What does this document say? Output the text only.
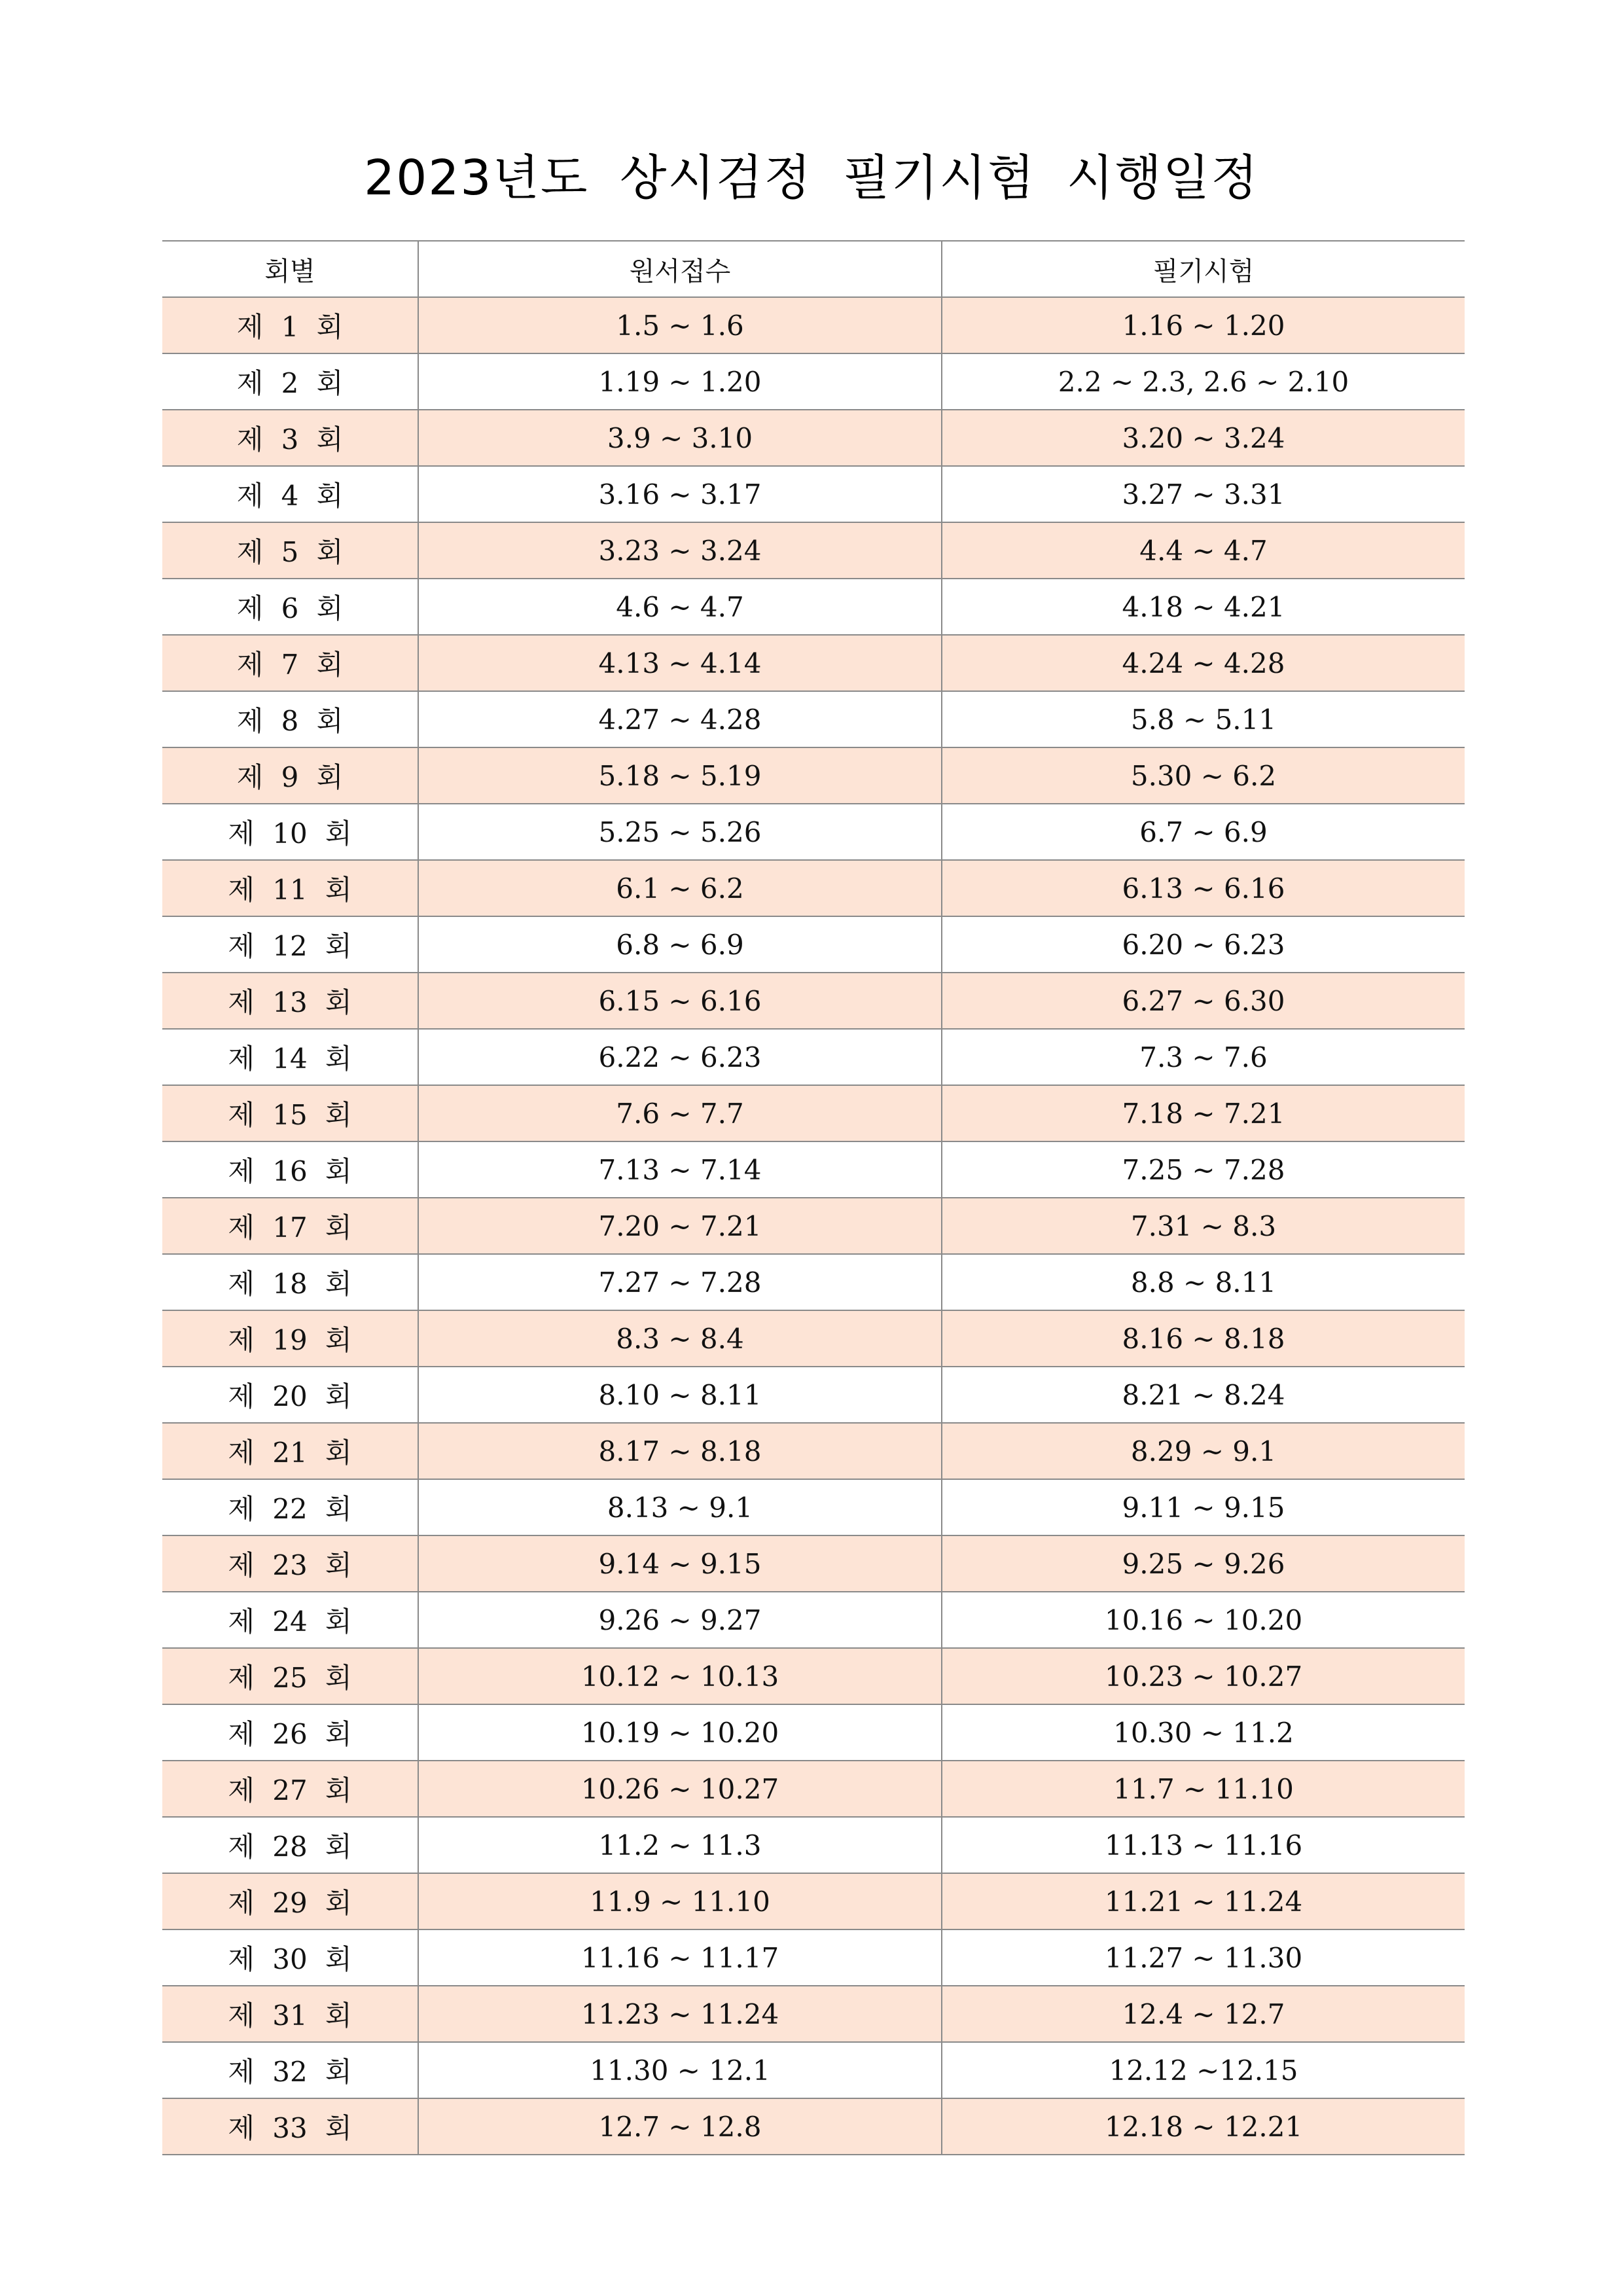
2023년도 상시검정 필기시험 시행일정
회별	원서접수	필기시험
제 1 회	1.5 ~ 1.6	1.16 ~ 1.20
제 2 회	1.19 ~ 1.20	2.2 ~ 2.3, 2.6 ~ 2.10
제 3 회	3.9 ~ 3.10	3.20 ~ 3.24
제 4 회	3.16 ~ 3.17	3.27 ~ 3.31
제 5 회	3.23 ~ 3.24	4.4 ~ 4.7
제 6 회	4.6 ~ 4.7	4.18 ~ 4.21
제 7 회	4.13 ~ 4.14	4.24 ~ 4.28
제 8 회	4.27 ~ 4.28	5.8 ~ 5.11
제 9 회	5.18 ~ 5.19	5.30 ~ 6.2
제 10 회	5.25 ~ 5.26	6.7 ~ 6.9
제 11 회	6.1 ~ 6.2	6.13 ~ 6.16
제 12 회	6.8 ~ 6.9	6.20 ~ 6.23
제 13 회	6.15 ~ 6.16	6.27 ~ 6.30
제 14 회	6.22 ~ 6.23	7.3 ~ 7.6
제 15 회	7.6 ~ 7.7	7.18 ~ 7.21
제 16 회	7.13 ~ 7.14	7.25 ~ 7.28
제 17 회	7.20 ~ 7.21	7.31 ~ 8.3
제 18 회	7.27 ~ 7.28	8.8 ~ 8.11
제 19 회	8.3 ~ 8.4	8.16 ~ 8.18
제 20 회	8.10 ~ 8.11	8.21 ~ 8.24
제 21 회	8.17 ~ 8.18	8.29 ~ 9.1
제 22 회	8.13 ~ 9.1	9.11 ~ 9.15
제 23 회	9.14 ~ 9.15	9.25 ~ 9.26
제 24 회	9.26 ~ 9.27	10.16 ~ 10.20
제 25 회	10.12 ~ 10.13	10.23 ~ 10.27
제 26 회	10.19 ~ 10.20	10.30 ~ 11.2
제 27 회	10.26 ~ 10.27	11.7 ~ 11.10
제 28 회	11.2 ~ 11.3	11.13 ~ 11.16
제 29 회	11.9 ~ 11.10	11.21 ~ 11.24
제 30 회	11.16 ~ 11.17	11.27 ~ 11.30
제 31 회	11.23 ~ 11.24	12.4 ~ 12.7
제 32 회	11.30 ~ 12.1	12.12 ~12.15
제 33 회	12.7 ~ 12.8	12.18 ~ 12.21
